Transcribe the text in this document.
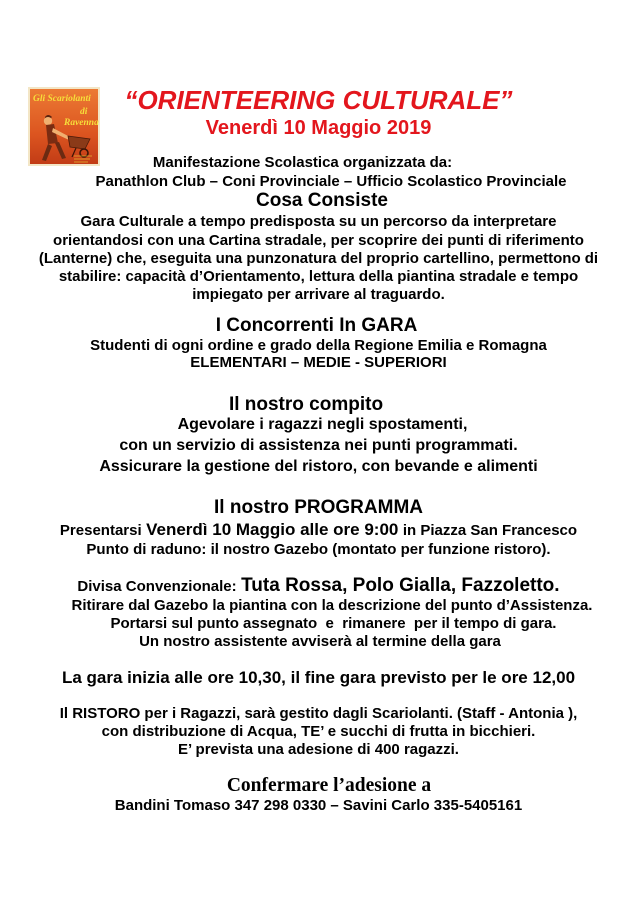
Gli Scariolanti
di
Ravenna
“ORIENTEERING CULTURALE”
Venerdì 10 Maggio 2019
Manifestazione Scolastica organizzata da:
Panathlon Club – Coni Provinciale – Ufficio Scolastico Provinciale
Cosa Consiste
Gara Culturale a tempo predisposta su un percorso da interpretare
orientandosi con una Cartina stradale, per scoprire dei punti di riferimento
(Lanterne) che, eseguita una punzonatura del proprio cartellino, permettono di
stabilire: capacità d’Orientamento, lettura della piantina stradale e tempo
impiegato per arrivare al traguardo.
I Concorrenti In GARA
Studenti di ogni ordine e grado della Regione Emilia e Romagna
ELEMENTARI – MEDIE - SUPERIORI
Il nostro compito
Agevolare i ragazzi negli spostamenti,
con un servizio di assistenza nei punti programmati.
Assicurare la gestione del ristoro, con bevande e alimenti
Il nostro PROGRAMMA
Presentarsi Venerdì 10 Maggio alle ore 9:00 in Piazza San Francesco
Punto di raduno: il nostro Gazebo (montato per funzione ristoro).
Divisa Convenzionale: Tuta Rossa, Polo Gialla, Fazzoletto.
Ritirare dal Gazebo la piantina con la descrizione del punto d’Assistenza.
Portarsi sul punto assegnato  e  rimanere  per il tempo di gara.
Un nostro assistente avviserà al termine della gara
La gara inizia alle ore 10,30, il fine gara previsto per le ore 12,00
Il RISTORO per i Ragazzi, sarà gestito dagli Scariolanti. (Staff - Antonia ),
con distribuzione di Acqua, TE’ e succhi di frutta in bicchieri.
E’ prevista una adesione di 400 ragazzi.
Confermare l’adesione a
Bandini Tomaso 347 298 0330 – Savini Carlo 335-5405161
